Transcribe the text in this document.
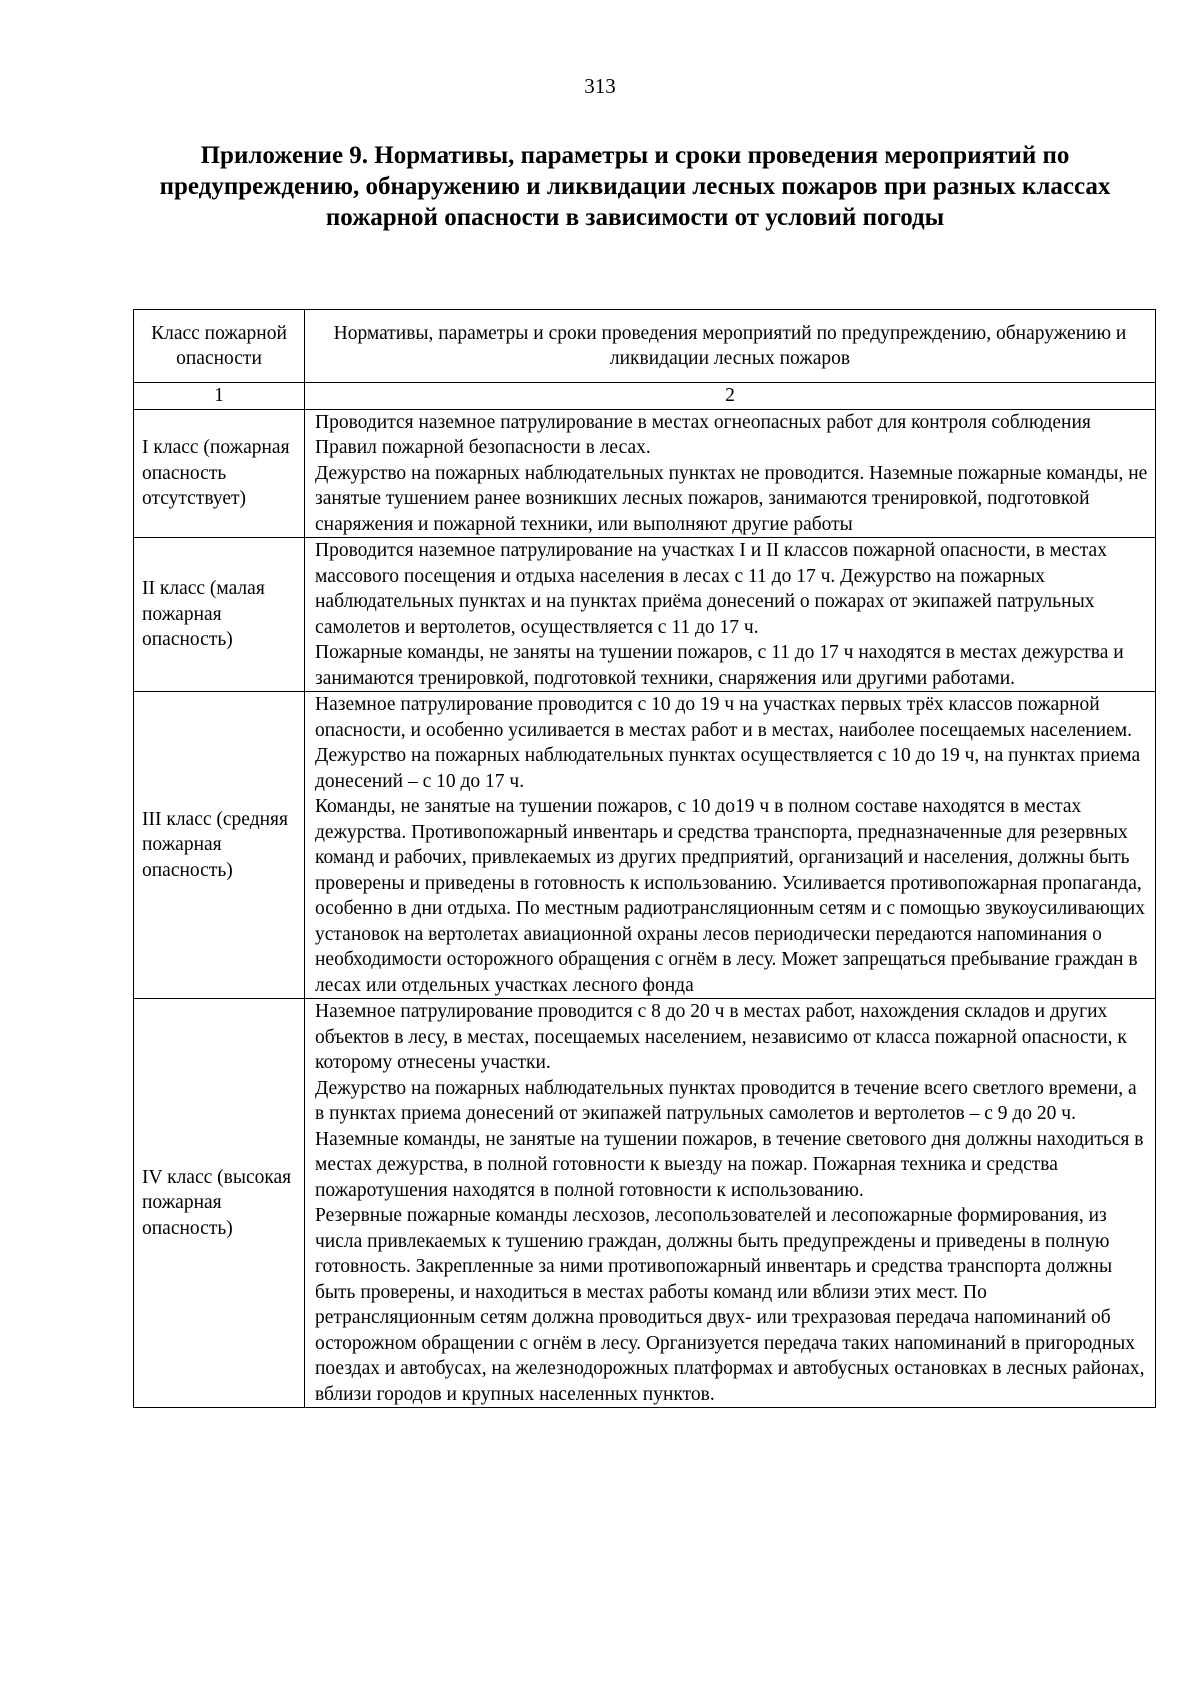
313
Приложение 9. Нормативы, параметры и сроки проведения мероприятий по предупреждению, обнаружению и ликвидации лесных пожаров при разных классах пожарной опасности в зависимости от условий погоды
Класс пожарной опасности	Нормативы, параметры и сроки проведения мероприятий по предупреждению, обнаружению и ликвидации лесных пожаров
1	2
I класс (пожарная опасность отсутствует)	Проводится наземное патрулирование в местах огнеопасных работ для контроля соблюдения Правил пожарной безопасности в лесах.
Дежурство на пожарных наблюдательных пунктах не проводится. Наземные пожарные команды, не занятые тушением ранее возникших лесных пожаров, занимаются тренировкой, подготовкой снаряжения и пожарной техники, или выполняют другие работы

II класс (малая пожарная опасность)	Проводится наземное патрулирование на участках I и II классов пожарной опасности, в местах массового посещения и отдыха населения в лесах с 11 до 17 ч. Дежурство на пожарных наблюдательных пунктах и на пунктах приёма донесений о пожарах от экипажей патрульных самолетов и вертолетов, осуществляется с 11 до 17 ч.
Пожарные команды, не заняты на тушении пожаров, с 11 до 17 ч находятся в местах дежурства и занимаются тренировкой, подготовкой техники, снаряжения или другими работами.

III класс (средняя пожарная опасность)	Наземное патрулирование проводится с 10 до 19 ч на участках первых трёх классов пожарной опасности, и особенно усиливается в местах работ и в местах, наиболее посещаемых населением. Дежурство на пожарных наблюдательных пунктах осуществляется с 10 до 19 ч, на пунктах приема донесений – с 10 до 17 ч.
Команды, не занятые на тушении пожаров, с 10 до19 ч в полном составе находятся в местах дежурства. Противопожарный инвентарь и средства транспорта, предназначенные для резервных команд и рабочих, привлекаемых из других предприятий, организаций и населения, должны быть проверены и приведены в готовность к использованию. Усиливается противопожарная пропаганда, особенно в дни отдыха. По местным радиотрансляционным сетям и с помощью звукоусиливающих установок на вертолетах авиационной охраны лесов периодически передаются напоминания о необходимости осторожного обращения с огнём в лесу. Может запрещаться пребывание граждан в лесах или отдельных участках лесного фонда

IV класс (высокая пожарная опасность)	Наземное патрулирование проводится с 8 до 20 ч в местах работ, нахождения складов и других объектов в лесу, в местах, посещаемых населением, независимо от класса пожарной опасности, к которому отнесены участки.
Дежурство на пожарных наблюдательных пунктах проводится в течение всего светлого времени, а в пунктах приема донесений от экипажей патрульных самолетов и вертолетов – с 9 до 20 ч.
Наземные команды, не занятые на тушении пожаров, в течение светового дня должны находиться в местах дежурства, в полной готовности к выезду на пожар. Пожарная техника и средства пожаротушения находятся в полной готовности к использованию.
Резервные пожарные команды лесхозов, лесопользователей и лесопожарные формирования, из числа привлекаемых к тушению граждан, должны быть предупреждены и приведены в полную готовность. Закрепленные за ними противопожарный инвентарь и средства транспорта должны быть проверены, и находиться в местах работы команд или вблизи этих мест. По ретрансляционным сетям должна проводиться двух- или трехразовая передача напоминаний об осторожном обращении с огнём в лесу. Организуется передача таких напоминаний в пригородных поездах и автобусах, на железнодорожных платформах и автобусных остановках в лесных районах, вблизи городов и крупных населенных пунктов.
